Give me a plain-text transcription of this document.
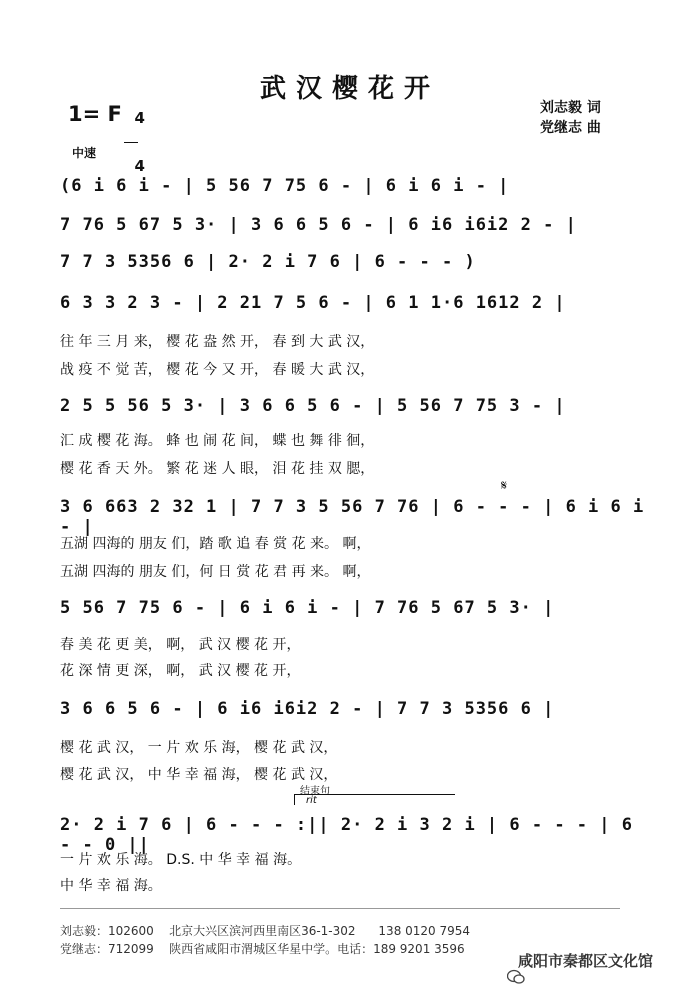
武汉樱花开
1= F 4

4

刘志毅 词
党继志 曲
中速
(6 i 6 i - | 5 56 7 75 6 - | 6 i 6 i - |
7 76 5 67 5 3· | 3 6 6 5 6 - | 6 i6 i6i2 2 - |
7 7 3 5356 6 | 2· 2 i 7 6 | 6 - - - )
6 3 3 2 3 - | 2 21 7 5 6 - | 6 1 1·6 1612 2 |
往 年 三 月 来， 樱 花 盎 然 开， 春 到 大 武 汉，
战 疫 不 觉 苦， 樱 花 今 又 开， 春 暖 大 武 汉，
2 5 5 56 5 3· | 3 6 6 5 6 - | 5 56 7 75 3 - |
汇 成 樱 花 海。 蜂 也 闹 花 间， 蝶 也 舞 徘 徊，
樱 花 香 天 外。 繁 花 迷 人 眼， 泪 花 挂 双 腮，
𝄋
3 6 663 2 32 1 | 7 7 3 5 56 7 76 | 6 - - - | 6 i 6 i - |
五湖 四海的 朋友 们，踏 歌 追 春 赏 花 来。 啊，
五湖 四海的 朋友 们，何 日 赏 花 君 再 来。 啊，
5 56 7 75 6 - | 6 i 6 i - | 7 76 5 67 5 3· |
春 美 花 更 美， 啊， 武 汉 樱 花 开，
花 深 情 更 深， 啊， 武 汉 樱 花 开，
3 6 6 5 6 - | 6 i6 i6i2 2 - | 7 7 3 5356 6 |
樱 花 武 汉， 一 片 欢 乐 海， 樱 花 武 汉，
樱 花 武 汉， 中 华 幸 福 海， 樱 花 武 汉，
结束句
rit
2· 2 i 7 6 | 6 - - - :|| 2· 2 i 3 2 i | 6 - - - | 6 - - 0 ||
一 片 欢 乐 海。 D.S. 中 华 幸 福 海。
中 华 幸 福 海。
刘志毅：102600    北京大兴区滨河西里南区36-1-302      138 0120 7954
党继志：712099    陕西省咸阳市渭城区华星中学。电话：189 9201 3596

咸阳市秦都区文化馆
